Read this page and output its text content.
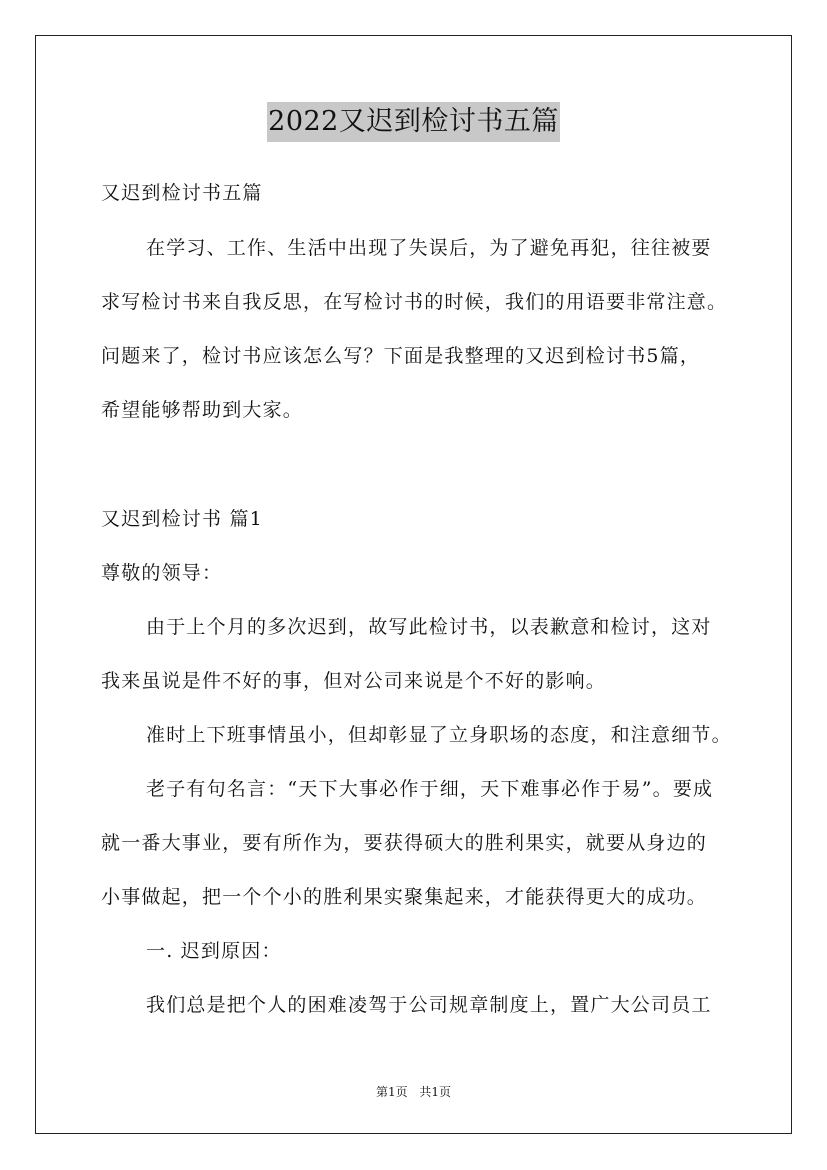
2022又迟到检讨书五篇
又迟到检讨书五篇
在学习、工作、生活中出现了失误后，为了避免再犯，往往被要
求写检讨书来自我反思，在写检讨书的时候，我们的用语要非常注意。
问题来了，检讨书应该怎么写？下面是我整理的又迟到检讨书5篇，
希望能够帮助到大家。
又迟到检讨书 篇1
尊敬的领导：
由于上个月的多次迟到，故写此检讨书，以表歉意和检讨，这对
我来虽说是件不好的事，但对公司来说是个不好的影响。
准时上下班事情虽小，但却彰显了立身职场的态度，和注意细节。
老子有句名言：“天下大事必作于细，天下难事必作于易”。要成
就一番大事业，要有所作为，要获得硕大的胜利果实，就要从身边的
小事做起，把一个个小的胜利果实聚集起来，才能获得更大的成功。
一. 迟到原因：
我们总是把个人的困难凌驾于公司规章制度上，置广大公司员工
第1页 共1页
